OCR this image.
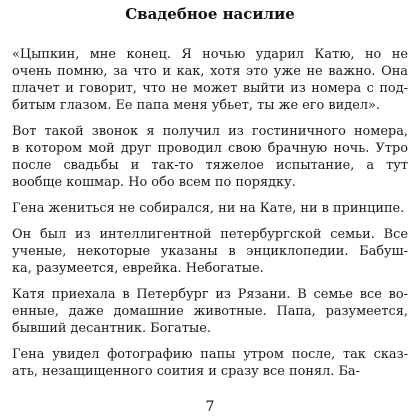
Свадебное насилие
«Цыпкин, мне конец. Я ночью ударил Катю, но не
очень помню, за что и как, хотя это уже не важно. Она
плачет и говорит, что не может выйти из номера с под-
битым глазом. Ее папа меня убьет, ты же его видел».
Вот такой звонок я получил из гостиничного номера,
в котором мой друг проводил свою брачную ночь. Утро
после свадьбы и так-то тяжелое испытание, а тут
вообще кошмар. Но обо всем по порядку.
Гена жениться не собирался, ни на Кате, ни в принципе.
Он был из интеллигентной петербургской семьи. Все
ученые, некоторые указаны в энциклопедии. Бабуш-
ка, разумеется, еврейка. Небогатые.
Катя приехала в Петербург из Рязани. В семье все во-
енные, даже домашние животные. Папа, разумеется,
бывший десантник. Богатые.
Гена увидел фотографию папы утром после, так сказ-
ать, незащищенного соития и сразу все понял. Ба-
7
